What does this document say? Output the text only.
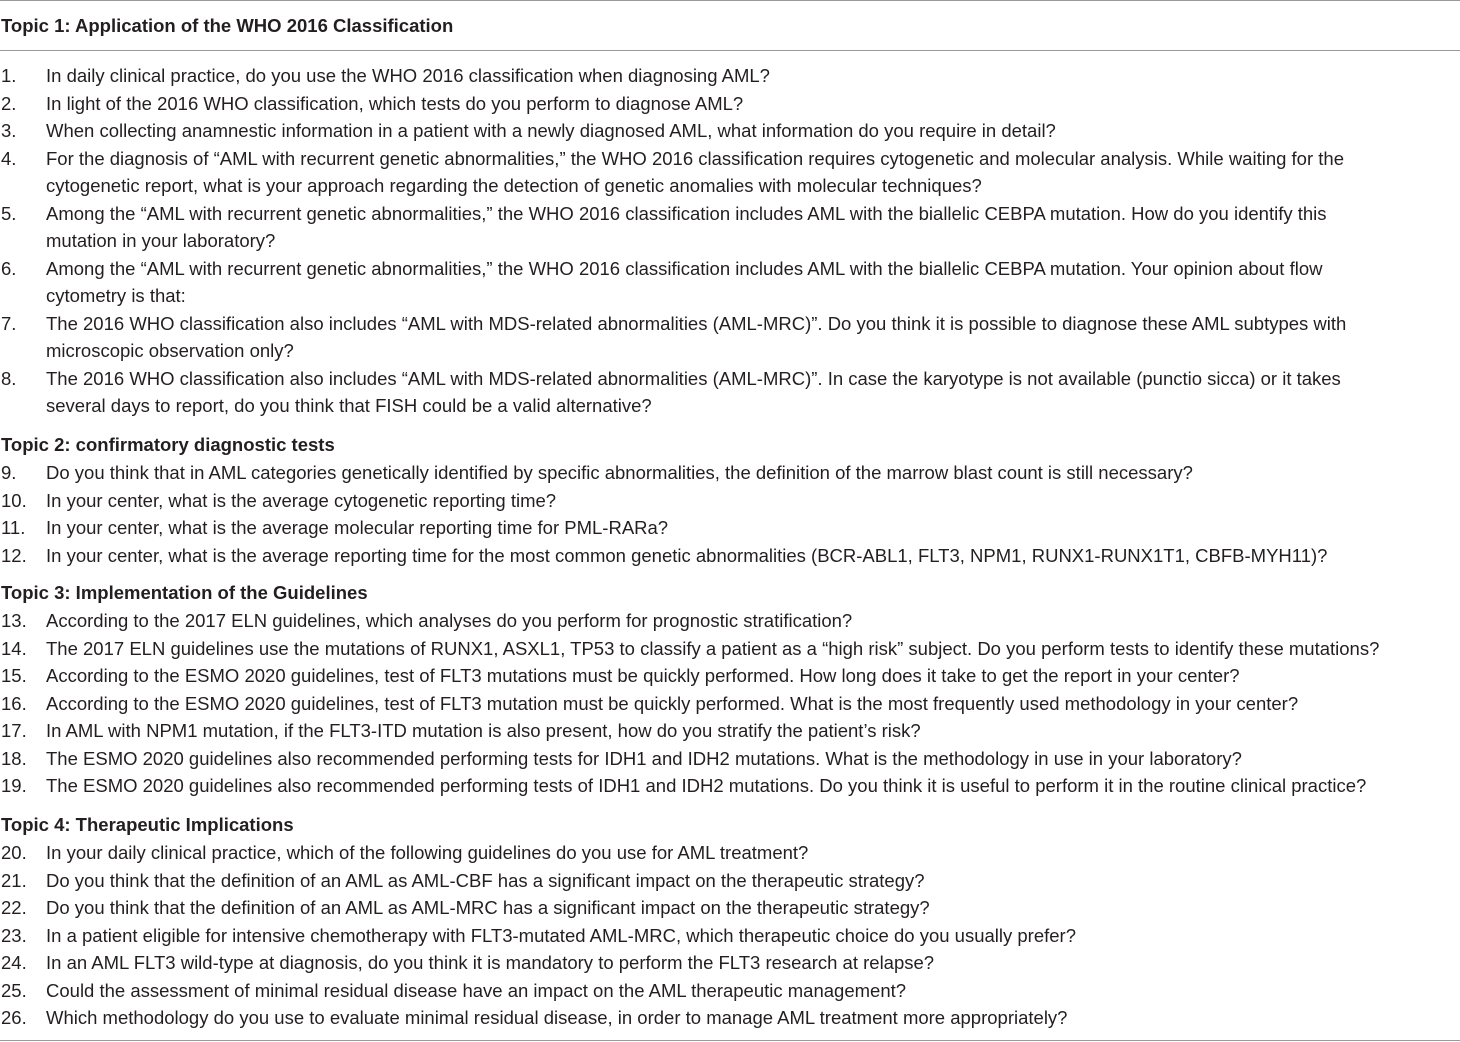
Topic 1: Application of the WHO 2016 Classification
1. In daily clinical practice, do you use the WHO 2016 classification when diagnosing AML?
2. In light of the 2016 WHO classification, which tests do you perform to diagnose AML?
3. When collecting anamnestic information in a patient with a newly diagnosed AML, what information do you require in detail?
4. For the diagnosis of “AML with recurrent genetic abnormalities,” the WHO 2016 classification requires cytogenetic and molecular analysis. While waiting for the
cytogenetic report, what is your approach regarding the detection of genetic anomalies with molecular techniques?
5. Among the “AML with recurrent genetic abnormalities,” the WHO 2016 classification includes AML with the biallelic CEBPA mutation. How do you identify this
mutation in your laboratory?
6. Among the “AML with recurrent genetic abnormalities,” the WHO 2016 classification includes AML with the biallelic CEBPA mutation. Your opinion about flow
cytometry is that:
7. The 2016 WHO classification also includes “AML with MDS-related abnormalities (AML-MRC)”. Do you think it is possible to diagnose these AML subtypes with
microscopic observation only?
8. The 2016 WHO classification also includes “AML with MDS-related abnormalities (AML-MRC)”. In case the karyotype is not available (punctio sicca) or it takes
several days to report, do you think that FISH could be a valid alternative?
Topic 2: confirmatory diagnostic tests
9. Do you think that in AML categories genetically identified by specific abnormalities, the definition of the marrow blast count is still necessary?
10. In your center, what is the average cytogenetic reporting time?
11. In your center, what is the average molecular reporting time for PML-RARa?
12. In your center, what is the average reporting time for the most common genetic abnormalities (BCR-ABL1, FLT3, NPM1, RUNX1-RUNX1T1, CBFB-MYH11)?
Topic 3: Implementation of the Guidelines
13. According to the 2017 ELN guidelines, which analyses do you perform for prognostic stratification?
14. The 2017 ELN guidelines use the mutations of RUNX1, ASXL1, TP53 to classify a patient as a “high risk” subject. Do you perform tests to identify these mutations?
15. According to the ESMO 2020 guidelines, test of FLT3 mutations must be quickly performed. How long does it take to get the report in your center?
16. According to the ESMO 2020 guidelines, test of FLT3 mutation must be quickly performed. What is the most frequently used methodology in your center?
17. In AML with NPM1 mutation, if the FLT3-ITD mutation is also present, how do you stratify the patient’s risk?
18. The ESMO 2020 guidelines also recommended performing tests for IDH1 and IDH2 mutations. What is the methodology in use in your laboratory?
19. The ESMO 2020 guidelines also recommended performing tests of IDH1 and IDH2 mutations. Do you think it is useful to perform it in the routine clinical practice?
Topic 4: Therapeutic Implications
20. In your daily clinical practice, which of the following guidelines do you use for AML treatment?
21. Do you think that the definition of an AML as AML-CBF has a significant impact on the therapeutic strategy?
22. Do you think that the definition of an AML as AML-MRC has a significant impact on the therapeutic strategy?
23. In a patient eligible for intensive chemotherapy with FLT3-mutated AML-MRC, which therapeutic choice do you usually prefer?
24. In an AML FLT3 wild-type at diagnosis, do you think it is mandatory to perform the FLT3 research at relapse?
25. Could the assessment of minimal residual disease have an impact on the AML therapeutic management?
26. Which methodology do you use to evaluate minimal residual disease, in order to manage AML treatment more appropriately?
